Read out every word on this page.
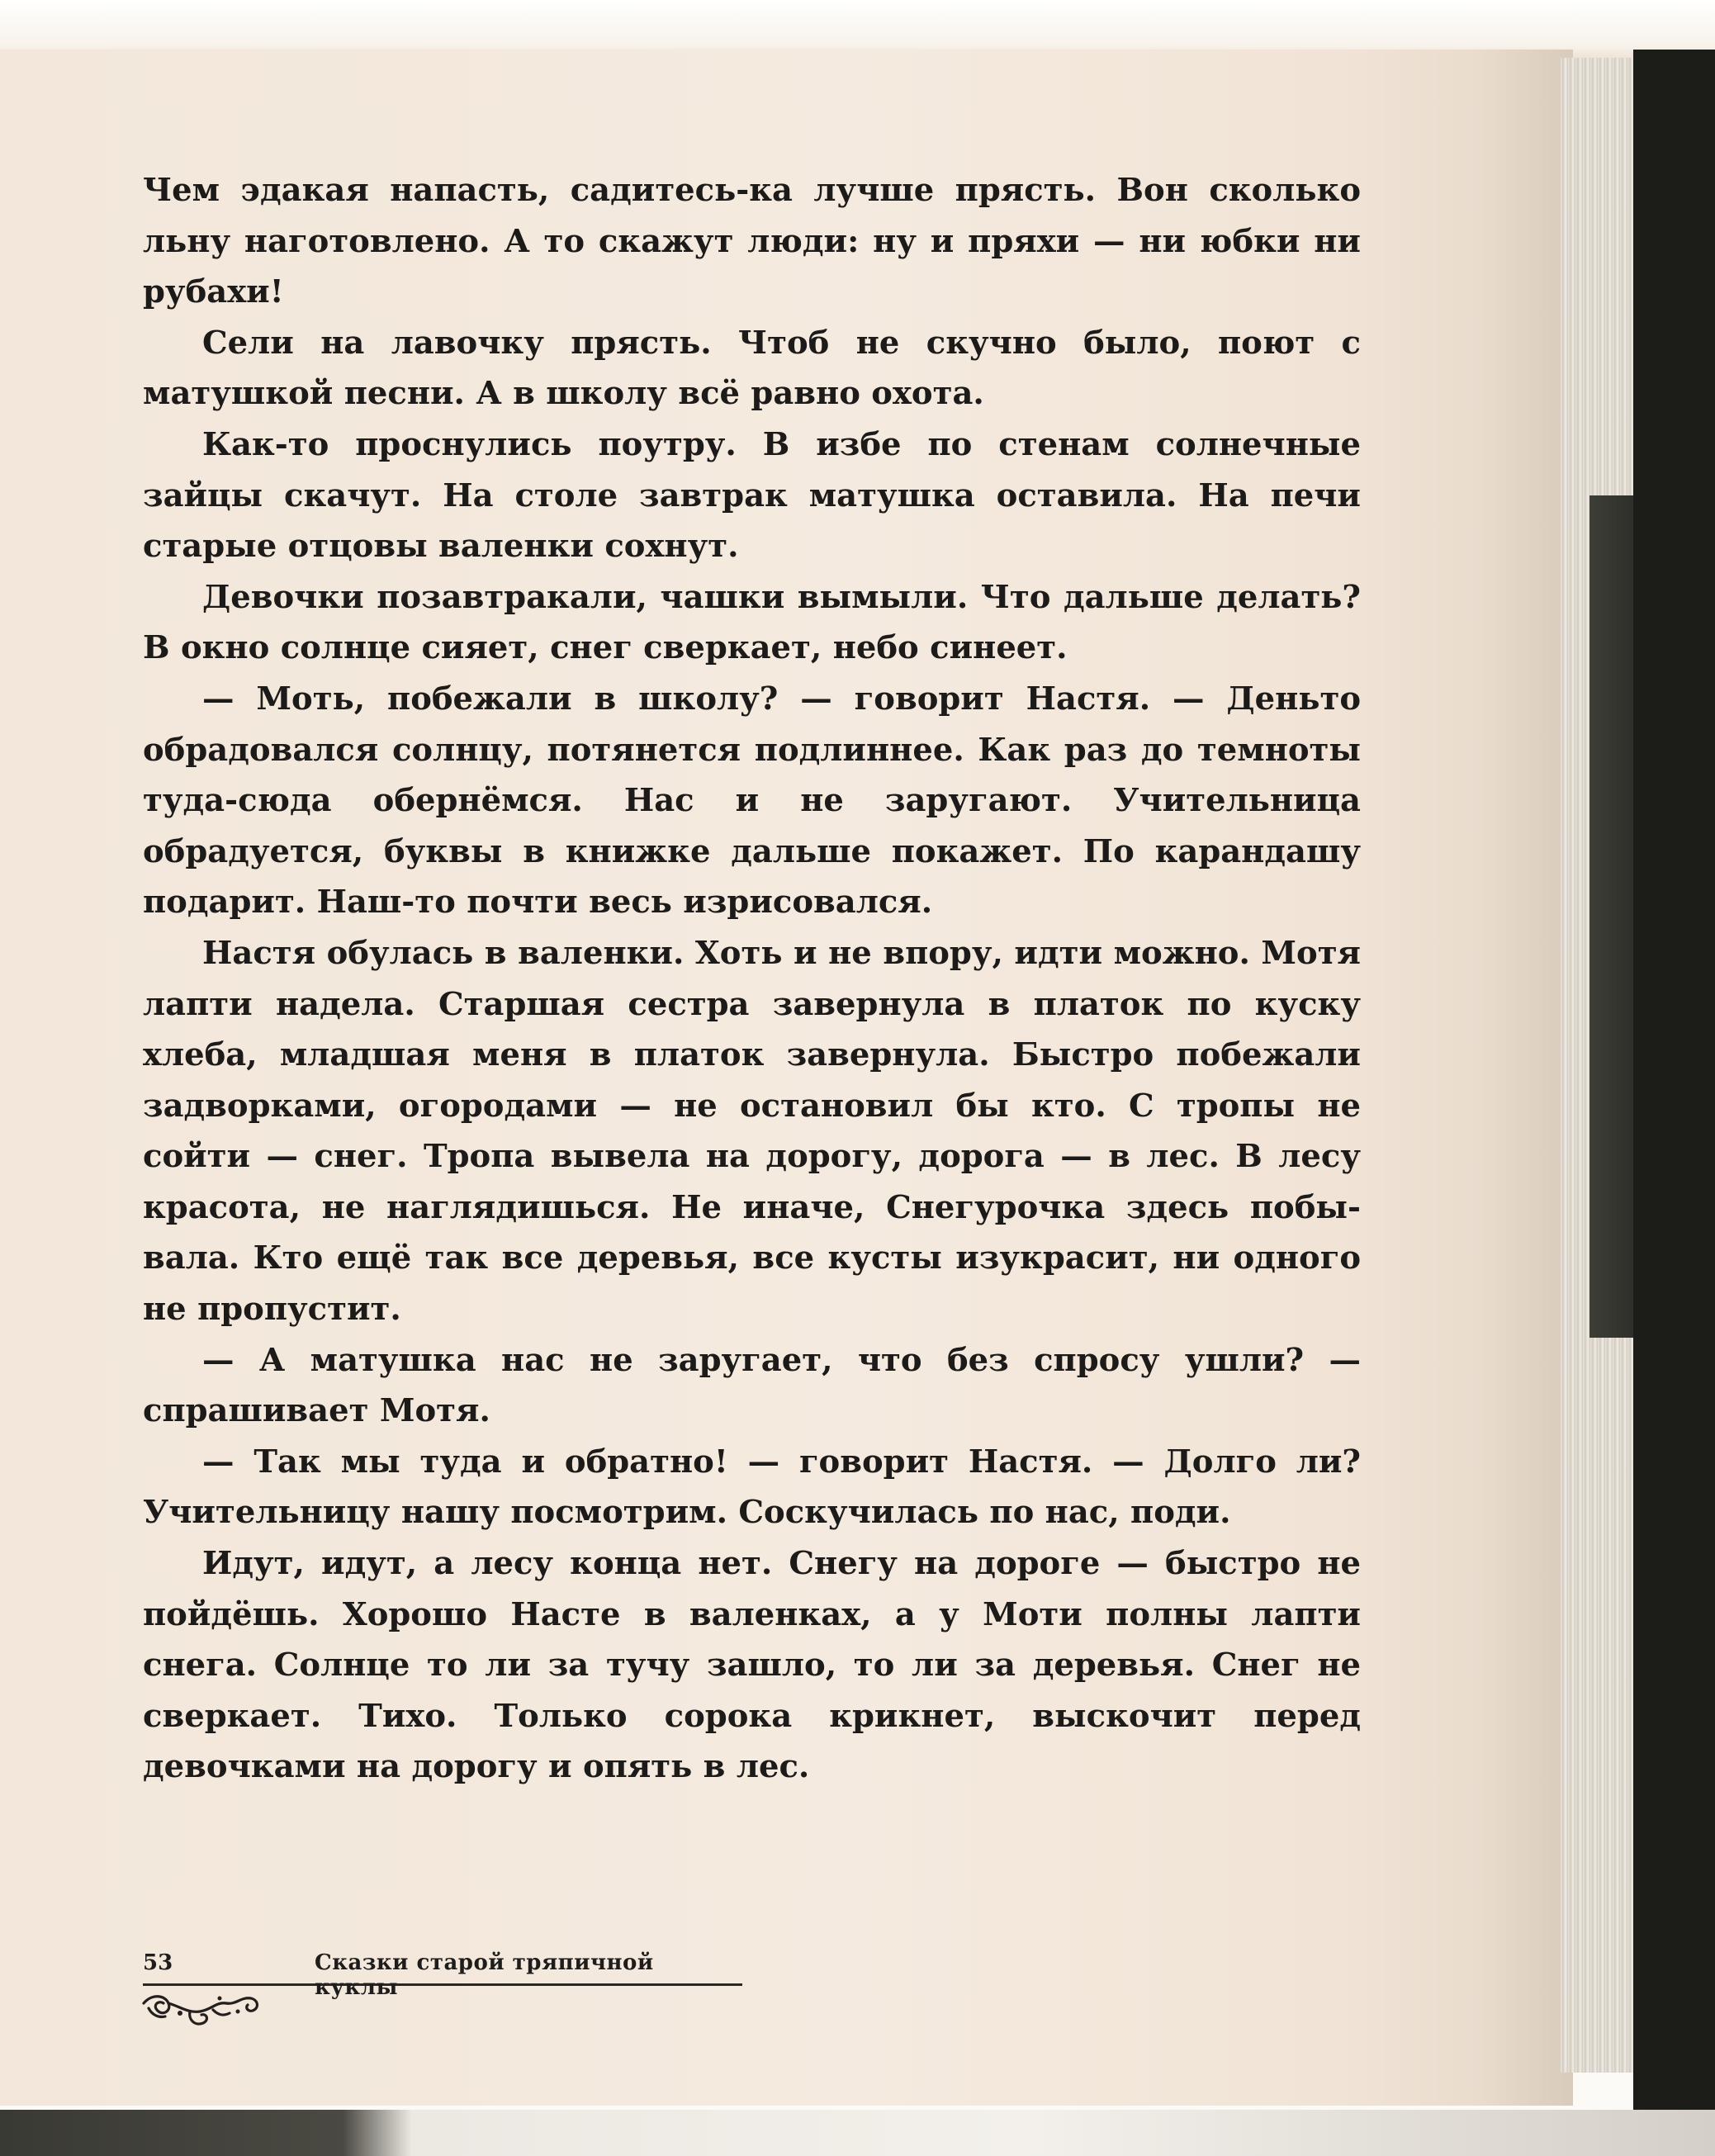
Чем эдакая напасть, садитесь-ка лучше прясть. Вон сколько льну наготовлено. А то скажут люди: ну и пряхи — ни юбки ни рубахи!

Сели на лавочку прясть. Чтоб не скучно было, поют с матушкой песни. А в школу всё равно охота.

Как-то проснулись поутру. В избе по стенам солнечные зайцы скачут. На столе завтрак матушка оставила. На печи старые отцовы валенки сохнут.

Девочки позавтракали, чашки вымыли. Что дальше делать? В окно солнце сияет, снег сверкает, небо синеет.

— Моть, побежали в школу? — говорит Настя. — Деньто обрадовался солнцу, потянется подлиннее. Как раз до темноты туда-сюда обернёмся. Нас и не заругают. Учительница обрадуется, буквы в книжке дальше покажет. По карандашу подарит. Наш-то почти весь изрисовался.

Настя обулась в валенки. Хоть и не впору, идти можно. Мотя лапти надела. Старшая сестра завернула в платок по куску хлеба, младшая меня в платок завернула. Быстро побежали задворками, огородами — не остановил бы кто. С тропы не сойти — снег. Тропа вывела на дорогу, дорога — в лес. В лесу красота, не наглядишься. Не иначе, Снегурочка здесь побывала. Кто ещё так все деревья, все кусты изукрасит, ни одного не пропустит.

— А матушка нас не заругает, что без спросу ушли? — спрашивает Мотя.

— Так мы туда и обратно! — говорит Настя. — Долго ли? Учительницу нашу посмотрим. Соскучилась по нас, поди.

Идут, идут, а лесу конца нет. Снегу на дороге — быстро не пойдёшь. Хорошо Насте в валенках, а у Моти полны лапти снега. Солнце то ли за тучу зашло, то ли за деревья. Снег не сверкает. Тихо. Только сорока крикнет, выскочит перед девочками на дорогу и опять в лес.

53	Сказки старой тряпичной куклы
